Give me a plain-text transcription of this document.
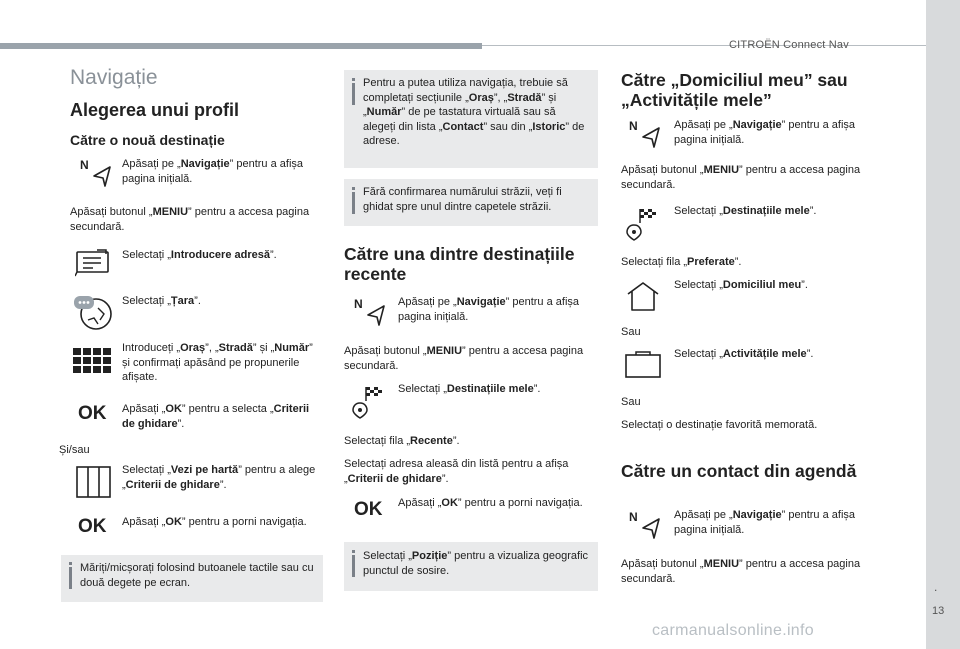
CITROËN Connect Nav
.
13
carmanualsonline.info
Navigație
Alegerea unui profil
Către o nouă destinație
N	Apăsați pe „Navigație” pentru a afișa pagina inițială.
Apăsați butonul „MENIU” pentru a accesa pagina secundară.
Selectați „Introducere adresă”.
Selectați „Țara”.
Introduceți „Oraș”, „Stradă” și „Număr” și confirmați apăsând pe propunerile afișate.
OK Apăsați „OK” pentru a selecta „Criterii de ghidare”.
Și/sau
Selectați „Vezi pe hartă” pentru a alege „Criterii de ghidare”.
OK Apăsați „OK” pentru a porni navigația.
Măriți/micșorați folosind butoanele tactile sau cu două degete pe ecran.
Pentru a putea utiliza navigația, trebuie să completați secțiunile „Oraș”, „Stradă” și „Număr” de pe tastatura virtuală sau să alegeți din lista „Contact” sau din „Istoric” de adrese.
Fără confirmarea numărului străzii, veți fi ghidat spre unul dintre capetele străzii.
Către una dintre destinațiile recente
N	Apăsați pe „Navigație” pentru a afișa pagina inițială.
Apăsați butonul „MENIU” pentru a accesa pagina secundară.
Selectați „Destinațiile mele”.
Selectați fila „Recente”.
Selectați adresa aleasă din listă pentru a afișa „Criterii de ghidare”.
OK Apăsați „OK” pentru a porni navigația.
Selectați „Poziție” pentru a vizualiza geografic punctul de sosire.
Către „Domiciliul meu” sau „Activitățile mele”
N	Apăsați pe „Navigație” pentru a afișa pagina inițială.
Apăsați butonul „MENIU” pentru a accesa pagina secundară.
Selectați „Destinațiile mele”.
Selectați fila „Preferate”.
Selectați „Domiciliul meu”.
Sau
Selectați „Activitățile mele”.
Sau
Selectați o destinație favorită memorată.
Către un contact din agendă
N	Apăsați pe „Navigație” pentru a afișa pagina inițială.
Apăsați butonul „MENIU” pentru a accesa pagina secundară.
